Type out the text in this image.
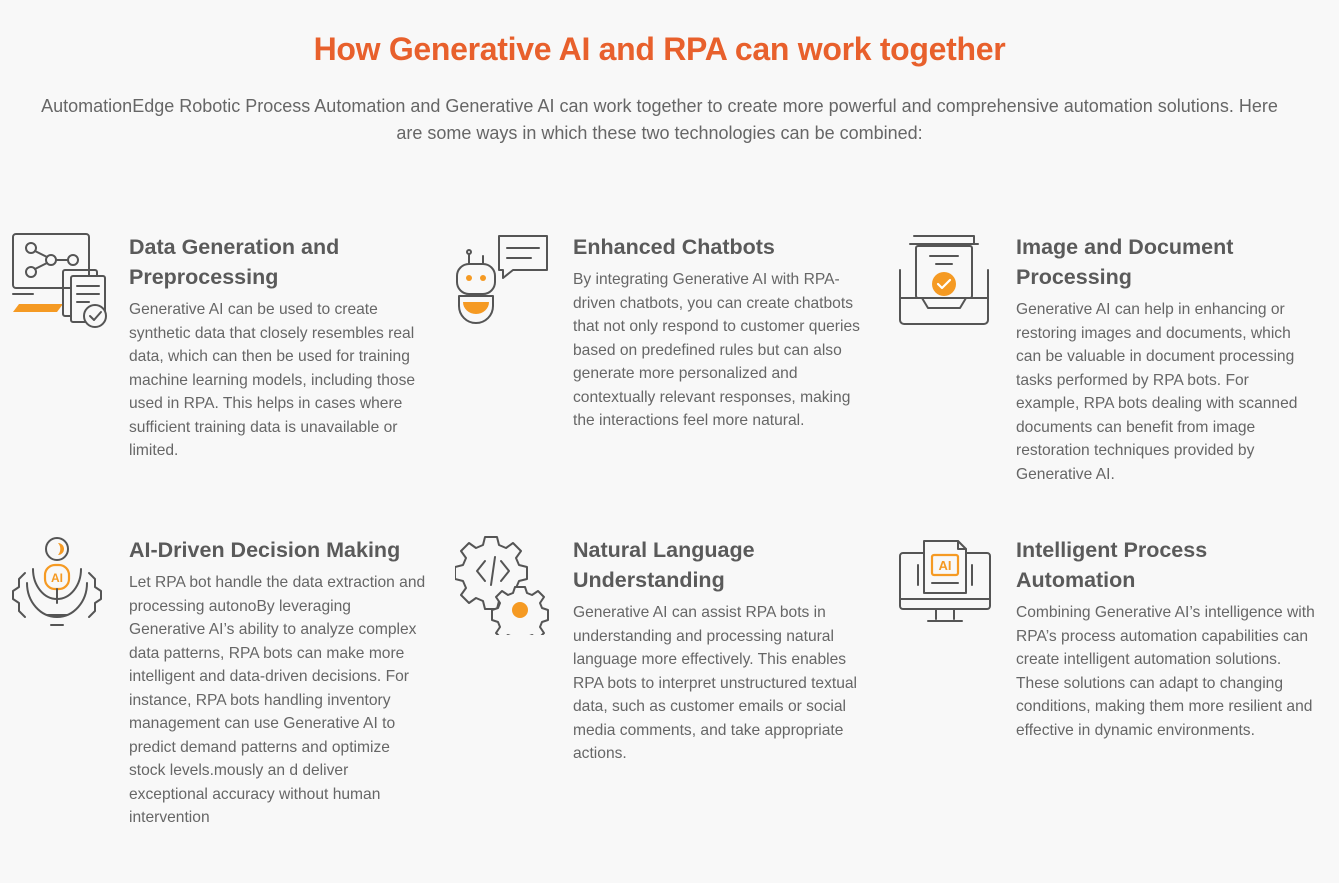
How Generative AI and RPA can work together
AutomationEdge Robotic Process Automation and Generative AI can work together to create more powerful and comprehensive automation solutions. Here are some ways in which these two technologies can be combined:
Data Generation and Preprocessing

Generative AI can be used to create synthetic data that closely resembles real data, which can then be used for training machine learning models, including those used in RPA. This helps in cases where sufficient training data is unavailable or limited.

Enhanced Chatbots

By integrating Generative AI with RPA-driven chatbots, you can create chatbots that not only respond to customer queries based on predefined rules but can also generate more personalized and contextually relevant responses, making the interactions feel more natural.

Image and Document Processing

Generative AI can help in enhancing or restoring images and documents, which can be valuable in document processing tasks performed by RPA bots. For example, RPA bots dealing with scanned documents can benefit from image restoration techniques provided by Generative AI.

AI
AI-Driven Decision Making

Let RPA bot handle the data extraction and processing autonoBy leveraging Generative AI’s ability to analyze complex data patterns, RPA bots can make more intelligent and data-driven decisions. For instance, RPA bots handling inventory management can use Generative AI to predict demand patterns and optimize stock levels.mously an d deliver exceptional accuracy without human intervention

Natural Language Understanding

Generative AI can assist RPA bots in understanding and processing natural language more effectively. This enables RPA bots to interpret unstructured textual data, such as customer emails or social media comments, and take appropriate actions.

AI
Intelligent Process Automation

Combining Generative AI’s intelligence with RPA’s process automation capabilities can create intelligent automation solutions. These solutions can adapt to changing conditions, making them more resilient and effective in dynamic environments.
